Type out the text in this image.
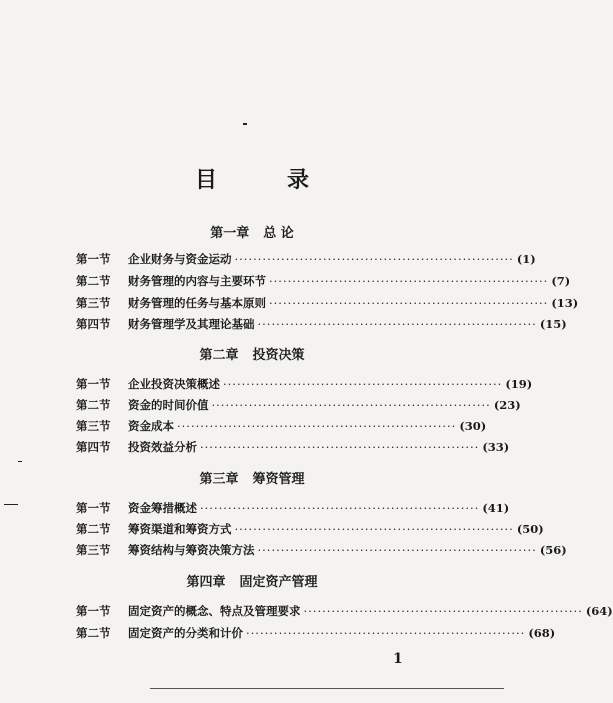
目录
第一章 总 论
第一节	企业财务与资金运动 ···························································· (1)
第二节	财务管理的内容与主要环节 ···························································· (7)
第三节	财务管理的任务与基本原则 ···························································· (13)
第四节	财务管理学及其理论基础 ···························································· (15)
第二章 投资决策
第一节	企业投资决策概述 ···························································· (19)
第二节	资金的时间价值 ···························································· (23)
第三节	资金成本 ···························································· (30)
第四节	投资效益分析 ···························································· (33)
第三章 筹资管理
第一节	资金筹措概述 ···························································· (41)
第二节	筹资渠道和筹资方式 ···························································· (50)
第三节	筹资结构与筹资决策方法 ···························································· (56)
第四章 固定资产管理
第一节	固定资产的概念、特点及管理要求 ···························································· (64)
第二节	固定资产的分类和计价 ···························································· (68)
1
